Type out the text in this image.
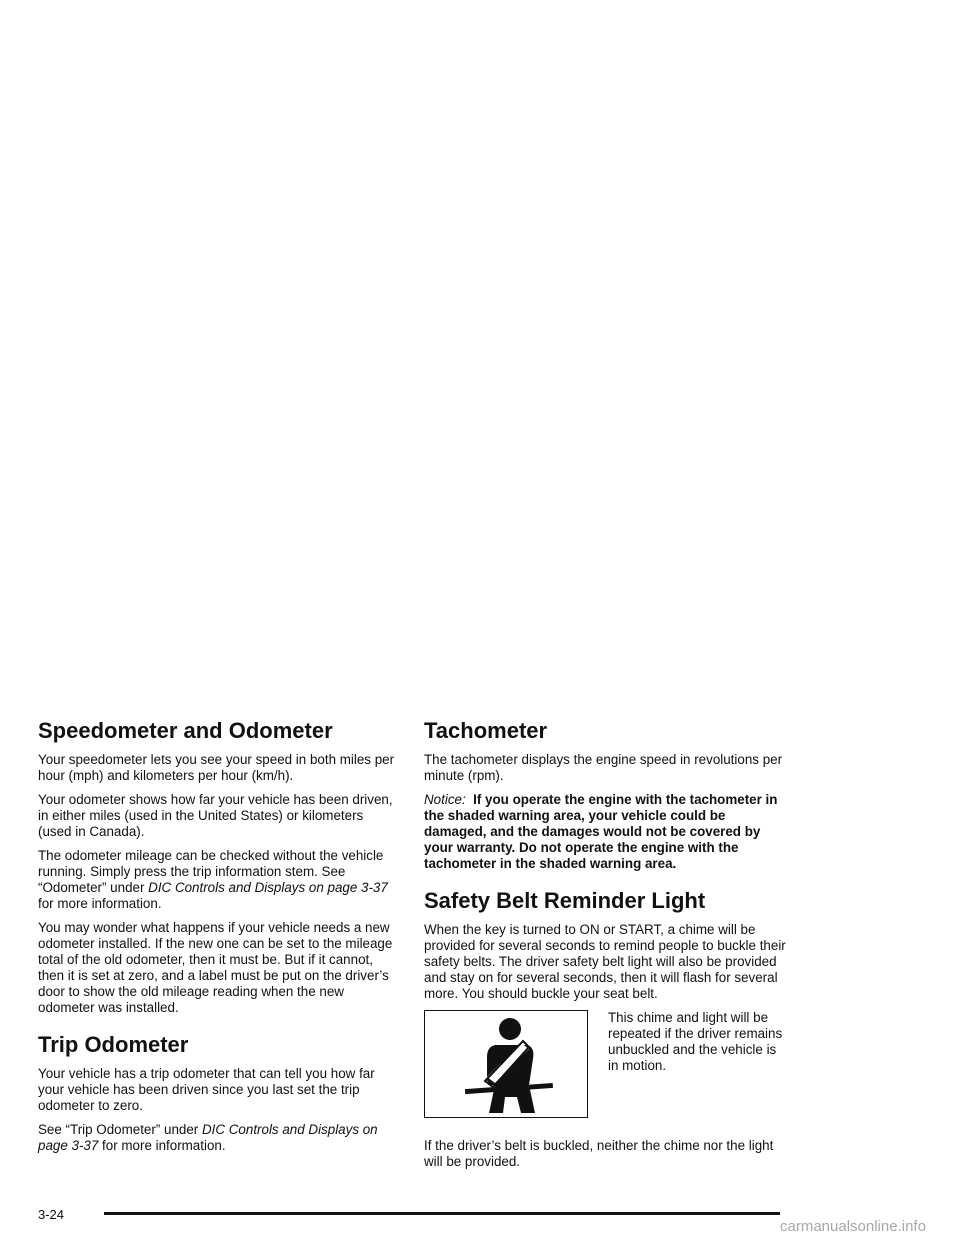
Speedometer and Odometer

Your speedometer lets you see your speed in both miles per hour (mph) and kilometers per hour (km/h).

Your odometer shows how far your vehicle has been driven, in either miles (used in the United States) or kilometers (used in Canada).

The odometer mileage can be checked without the vehicle running. Simply press the trip information stem. See “Odometer” under DIC Controls and Displays on page 3-37 for more information.

You may wonder what happens if your vehicle needs a new odometer installed. If the new one can be set to the mileage total of the old odometer, then it must be. But if it cannot, then it is set at zero, and a label must be put on the driver’s door to show the old mileage reading when the new odometer was installed.

Trip Odometer

Your vehicle has a trip odometer that can tell you how far your vehicle has been driven since you last set the trip odometer to zero.

See “Trip Odometer” under DIC Controls and Displays on page 3-37 for more information.

Tachometer

The tachometer displays the engine speed in revolutions per minute (rpm).

Notice: If you operate the engine with the tachometer in the shaded warning area, your vehicle could be damaged, and the damages would not be covered by your warranty. Do not operate the engine with the tachometer in the shaded warning area.

Safety Belt Reminder Light

When the key is turned to ON or START, a chime will be provided for several seconds to remind people to buckle their safety belts. The driver safety belt light will also be provided and stay on for several seconds, then it will flash for several more. You should buckle your seat belt.

This chime and light will be repeated if the driver remains unbuckled and the vehicle is in motion.

If the driver’s belt is buckled, neither the chime nor the light will be provided.

3-24
carmanualsonline.info
